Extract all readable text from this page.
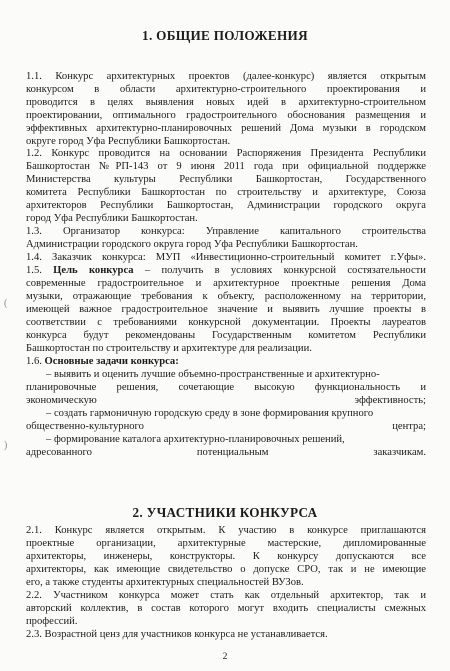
1. ОБЩИЕ ПОЛОЖЕНИЯ
1.1. Конкурс архитектурных проектов (далее-конкурс) является открытым
конкурсом в области архитектурно-строительного проектирования и
проводится в целях выявления новых идей в архитектурно-строительном
проектировании, оптимального градостроительного обоснования размещения и
эффективных архитектурно-планировочных решений Дома музыки в городском
округе город Уфа Республики Башкортостан.
1.2. Конкурс проводится на основании Распоряжения Президента Республики
Башкортостан №РП-143 от 9 июня 2011 года при официальной поддержке
Министерства культуры Республики Башкортостан, Государственного
комитета Республики Башкортостан по строительству и архитектуре, Союза
архитекторов Республики Башкортостан, Администрации городского округа
город Уфа Республики Башкортостан.
1.3. Организатор конкурса: Управление капитального строительства
Администрации городского округа город Уфа Республики Башкортостан.
1.4. Заказчик конкурса: МУП «Инвестиционно-строительный комитет г.Уфы».
1.5. Цель конкурса – получить в условиях конкурсной состязательности
современные градостроительное и архитектурное проектные решения Дома
музыки, отражающие требования к объекту, расположенному на территории,
имеющей важное градостроительное значение и выявить лучшие проекты в
соответствии с требованиями конкурсной документации. Проекты лауреатов
конкурса будут рекомендованы Государственным комитетом Республики
Башкортостан по строительству и архитектуре для реализации.
1.6. Основные задачи конкурса:
– выявить и оценить лучшие объемно-пространственные и архитектурно-
планировочные решения, сочетающие высокую функциональность и
экономическую эффективность;
– создать гармоничную городскую среду в зоне формирования крупного
общественно-культурного центра;
– формирование каталога архитектурно-планировочных решений,
адресованного потенциальным заказчикам.
2. УЧАСТНИКИ КОНКУРСА
2.1. Конкурс является открытым. К участию в конкурсе приглашаются
проектные организации, архитектурные мастерские, дипломированные
архитекторы, инженеры, конструкторы. К конкурсу допускаются все
архитекторы, как имеющие свидетельство о допуске СРО, так и не имеющие
его, а также студенты архитектурных специальностей ВУЗов.
2.2. Участником конкурса может стать как отдельный архитектор, так и
авторский коллектив, в состав которого могут входить специалисты смежных
профессий.
2.3. Возрастной ценз для участников конкурса не устанавливается.
(
)
2
